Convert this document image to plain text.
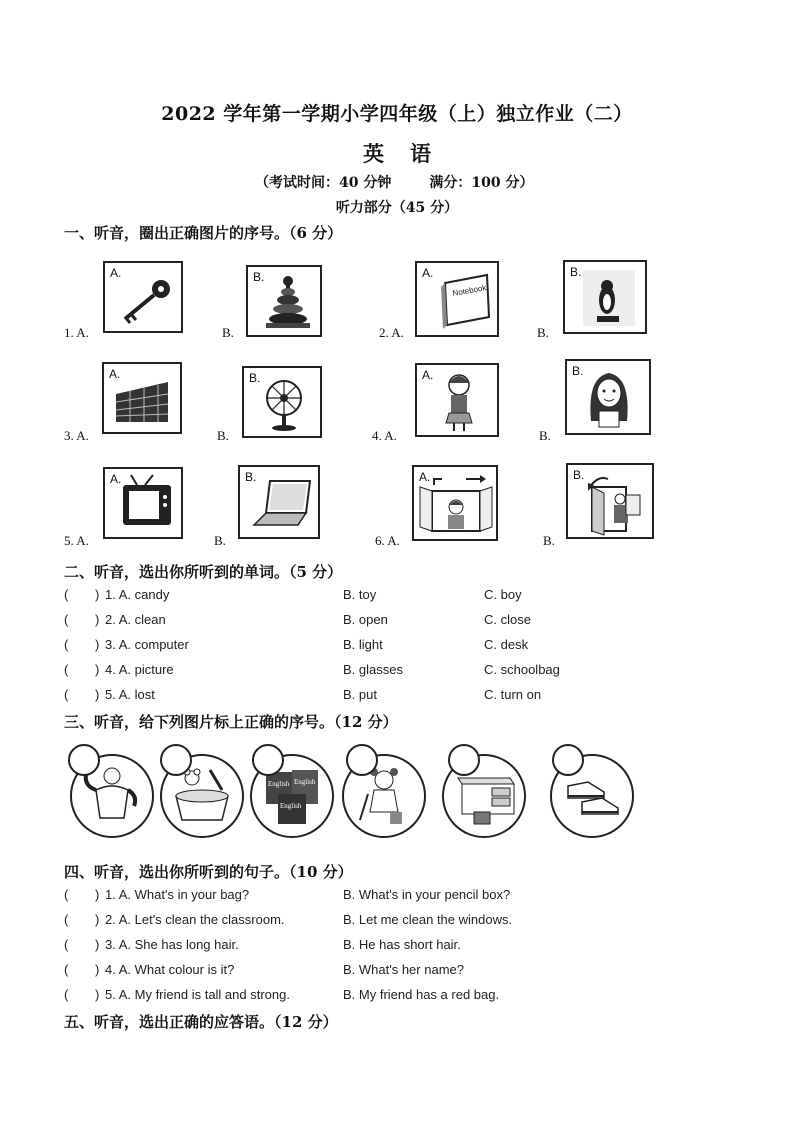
2022 学年第一学期小学四年级（上）独立作业（二）
英语
（考试时间：40 分钟	满分：100 分）
听力部分（45 分）
一、听音，圈出正确图片的序号。（6 分）
1. A.
A.
B.
B.
2. A.
A.
Notebook
B.
B.
3. A.
A.
B.
B.
4. A.
A.
B.
B.
5. A.
A.
B.
B.
6. A.
A.
B.
B.
二、听音，选出你所听到的单词。（5 分）
( ) 1. A. candy	B. toy	C. boy
( ) 2. A. clean	B. open	C. close
( ) 3. A. computer	B. light	C. desk
( ) 4. A. picture	B. glasses	C. schoolbag
( ) 5. A. lost	B. put	C. turn on
三、听音，给下列图片标上正确的序号。（12 分）
English English
English
四、听音，选出你所听到的句子。（10 分）
( ) 1. A. What's in your bag?	B. What's in your pencil box?
( ) 2. A. Let's clean the classroom.	B. Let me clean the windows.
( ) 3. A. She has long hair.	B. He has short hair.
( ) 4. A. What colour is it?	B. What's her name?
( ) 5. A. My friend is tall and strong.	B. My friend has a red bag.
五、听音，选出正确的应答语。（12 分）
